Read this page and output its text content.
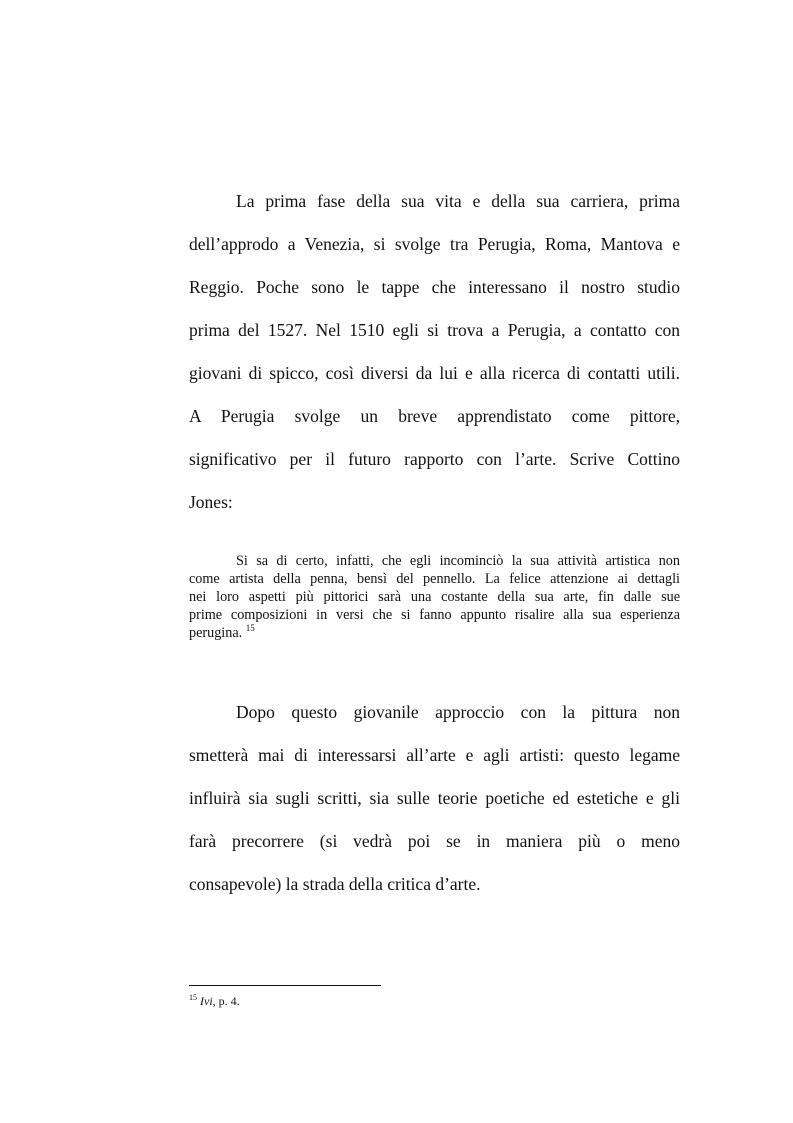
La prima fase della sua vita e della sua carriera, prima
dell’approdo a Venezia, si svolge tra Perugia, Roma, Mantova e
Reggio. Poche sono le tappe che interessano il nostro studio
prima del 1527. Nel 1510 egli si trova a Perugia, a contatto con
giovani di spicco, così diversi da lui e alla ricerca di contatti utili.
A Perugia svolge un breve apprendistato come pittore,
significativo per il futuro rapporto con l’arte. Scrive Cottino
Jones:
Si sa di certo, infatti, che egli incominciò la sua attività artistica non
come artista della penna, bensì del pennello. La felice attenzione ai dettagli
nei loro aspetti più pittorici sarà una costante della sua arte, fin dalle sue
prime composizioni in versi che si fanno appunto risalire alla sua esperienza
perugina. $^{15}$
Dopo questo giovanile approccio con la pittura non
smetterà mai di interessarsi all’arte e agli artisti: questo legame
influirà sia sugli scritti, sia sulle teorie poetiche ed estetiche e gli
farà precorrere (si vedrà poi se in maniera più o meno
consapevole) la strada della critica d’arte.
$^{15}$ Ivi, p. 4.
